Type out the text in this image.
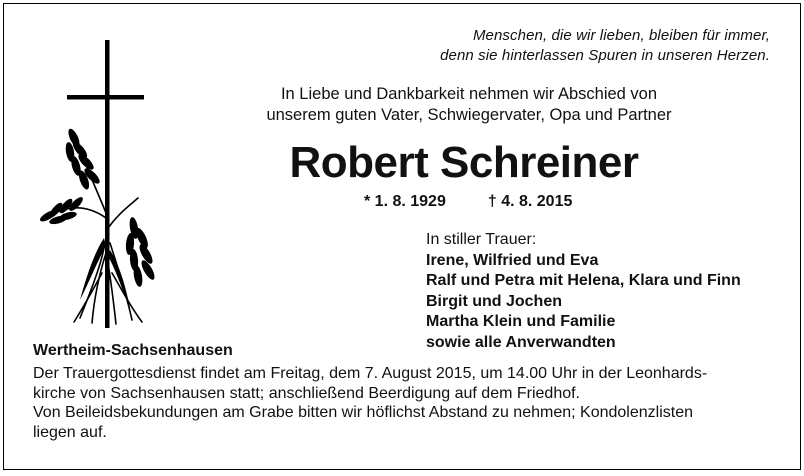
Menschen, die wir lieben, bleiben für immer,
denn sie hinterlassen Spuren in unseren Herzen.
In Liebe und Dankbarkeit nehmen wir Abschied von
unserem guten Vater, Schwiegervater, Opa und Partner
Robert Schreiner
* 1. 8. 1929	† 4. 8. 2015
In stiller Trauer:
Irene, Wilfried und Eva
Ralf und Petra mit Helena, Klara und Finn
Birgit und Jochen
Martha Klein und Familie
sowie alle Anverwandten
Wertheim-Sachsenhausen
Der Trauergottesdienst findet am Freitag, dem 7. August 2015, um 14.00 Uhr in der Leonhards-
kirche von Sachsenhausen statt; anschließend Beerdigung auf dem Friedhof.
Von Beileidsbekundungen am Grabe bitten wir höflichst Abstand zu nehmen; Kondolenzlisten
liegen auf.
